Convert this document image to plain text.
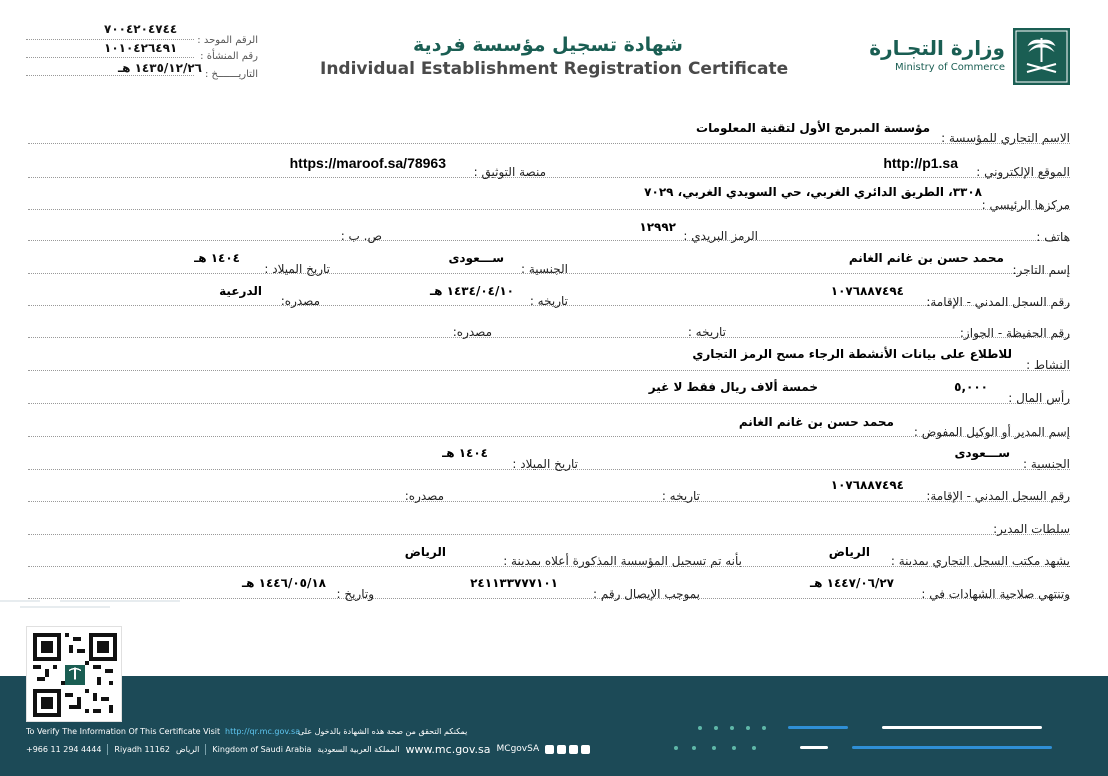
وزارة التجـارة
Ministry of Commerce
شهادة تسجيل مؤسسة فردية
Individual Establishment Registration Certificate
٧٠٠٤٢٠٤٧٤٤
الرقم الموحد :
١٠١٠٤٢٦٤٩١
رقم المنشأة :
١٤٣٥/١٢/٢٦ هـ التاريـــــــخ :
الاسم التجاري للمؤسسة :
مؤسسة المبرمج الأول لتقنية المعلومات
الموقع الإلكتروني :
http://p1.sa
منصة التوثيق :
https://maroof.sa/78963
مركزها الرئيسي :
٣٣٠٨، الطريق الدائري الغربي، حي السويدي الغربي، ٧٠٢٩
هاتف :
الرمز البريدي :
١٢٩٩٢
ص. ب :
إسم التاجر:
محمد حسن بن غانم الغانم
الجنسية :
ســـعودى
تاريخ الميلاد :
١٤٠٤ هـ
رقم السجل المدني - الإقامة:
١٠٧٦٨٨٧٤٩٤
تاريخه :
١٤٣٤/٠٤/١٠ هـ
مصدره:
الدرعية
رقم الحفيظة - الجواز:
تاريخه :
مصدره:
النشاط :
للاطلاع على بيانات الأنشطة الرجاء مسح الرمز التجاري
رأس المال :
٥,٠٠٠
خمسة ألاف ريال فقط لا غير
إسم المدير أو الوكيل المفوض :
محمد حسن بن غانم الغانم
الجنسية :
ســـعودى
تاريخ الميلاد :
١٤٠٤ هـ
رقم السجل المدني - الإقامة:
١٠٧٦٨٨٧٤٩٤
تاريخه :
مصدره:
سلطات المدير:
يشهد مكتب السجل التجاري بمدينة :
الرياض
بأنه تم تسجيل المؤسسة المذكورة أعلاه بمدينة :
الرياض
وتنتهي صلاحية الشهادات في :
١٤٤٧/٠٦/٢٧ هـ
بموجب الإيصال رقم :
٢٤١١٣٣٧٧٧١٠١
وتاريخ :
١٤٤٦/٠٥/١٨ هـ
To Verify The Information Of This Certificate Visit http://qr.mc.gov.sa
يمكنكم التحقق من صحة هذه الشهادة بالدخول على
+966 11 294 4444 Riyadh 11162 الرياض Kingdom of Saudi Arabia المملكة العربية السعودية www.mc.gov.sa MCgovSA
